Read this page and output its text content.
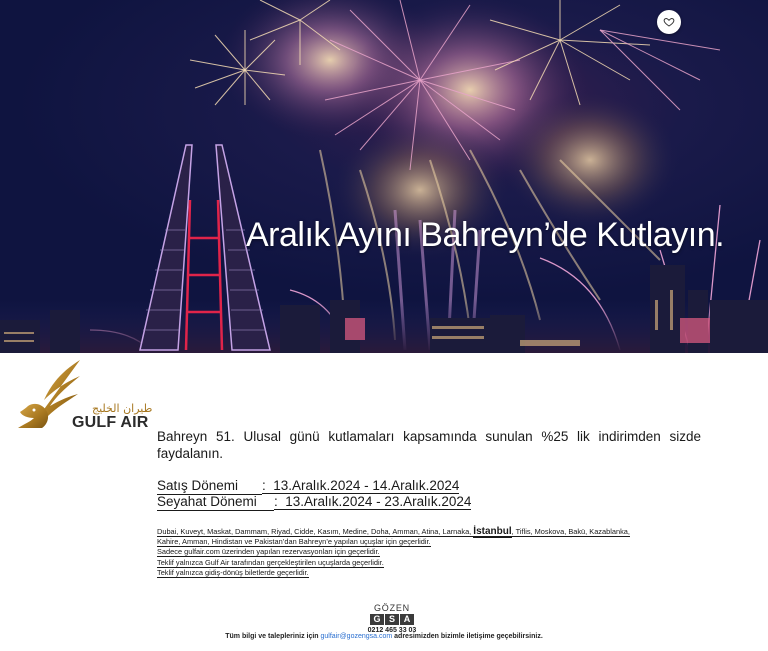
Aralık Ayını Bahreyn’de Kutlayın.
طيران الخليج
GULF AIR

Bahreyn 51. Ulusal günü kutlamaları kapsamında sunulan %25 lik indirimden sizde faydalanın.

Satış Dönemi : 13.Aralık.2024 - 14.Aralık.2024
Seyahat Dönemi : 13.Aralık.2024 - 23.Aralık.2024
Dubai, Kuveyt, Maskat, Dammam, Riyad, Cidde, Kasım, Medine, Doha, Amman, Atina, Larnaka, İstanbul, Tiflis, Moskova, Bakü, Kazablanka,
Kahire, Amman, Hindistan ve Pakistan’dan Bahreyn’e yapılan uçuşlar için geçerlidir.
Sadece gulfair.com üzerinden yapılan rezervasyonları için geçerlidir.
Teklif yalnızca Gulf Air tarafından gerçekleştirilen uçuşlarda geçerlidir.
Teklif yalnızca gidiş-dönüş biletlerde geçerlidir.
GÖZEN
G S A
0212 465 33 03
Tüm bilgi ve talepleriniz için gulfair@gozengsa.com adresimizden bizimle iletişime geçebilirsiniz.
